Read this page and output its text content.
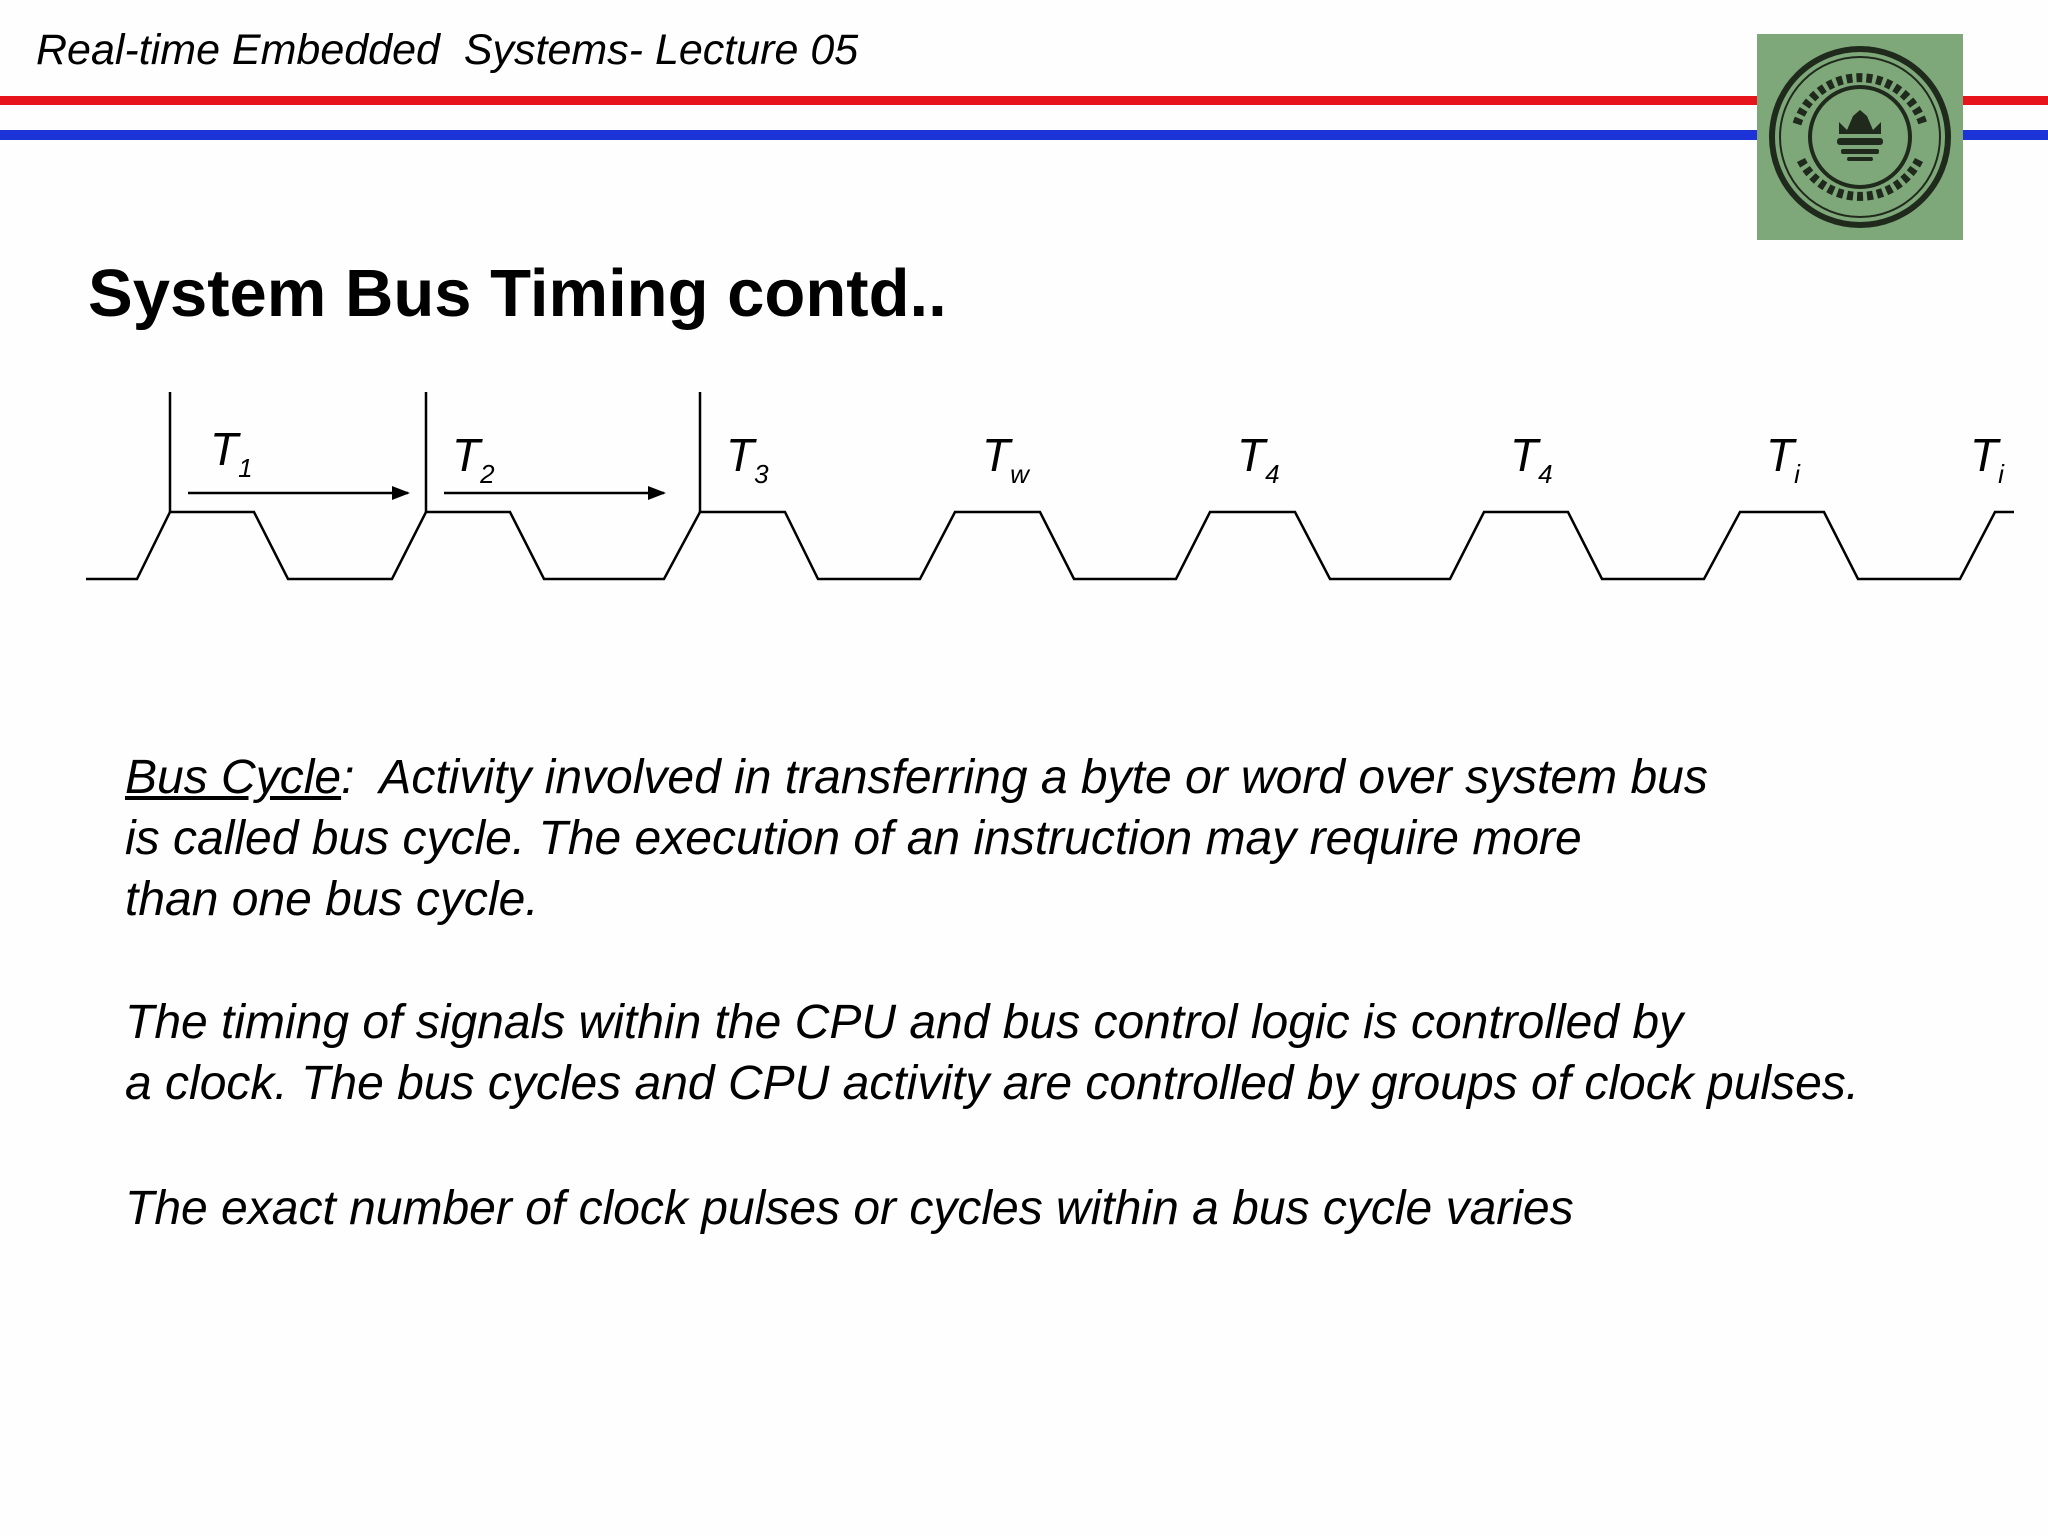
Real-time Embedded  Systems- Lecture 05
System Bus Timing contd..
T1	T2	T3	Tw	T4	T4	Ti	Ti

Bus Cycle:  Activity involved in transferring a byte or word over system bus
is called bus cycle. The execution of an instruction may require more
than one bus cycle.

The timing of signals within the CPU and bus control logic is controlled by
a clock. The bus cycles and CPU activity are controlled by groups of clock pulses.

The exact number of clock pulses or cycles within a bus cycle varies
